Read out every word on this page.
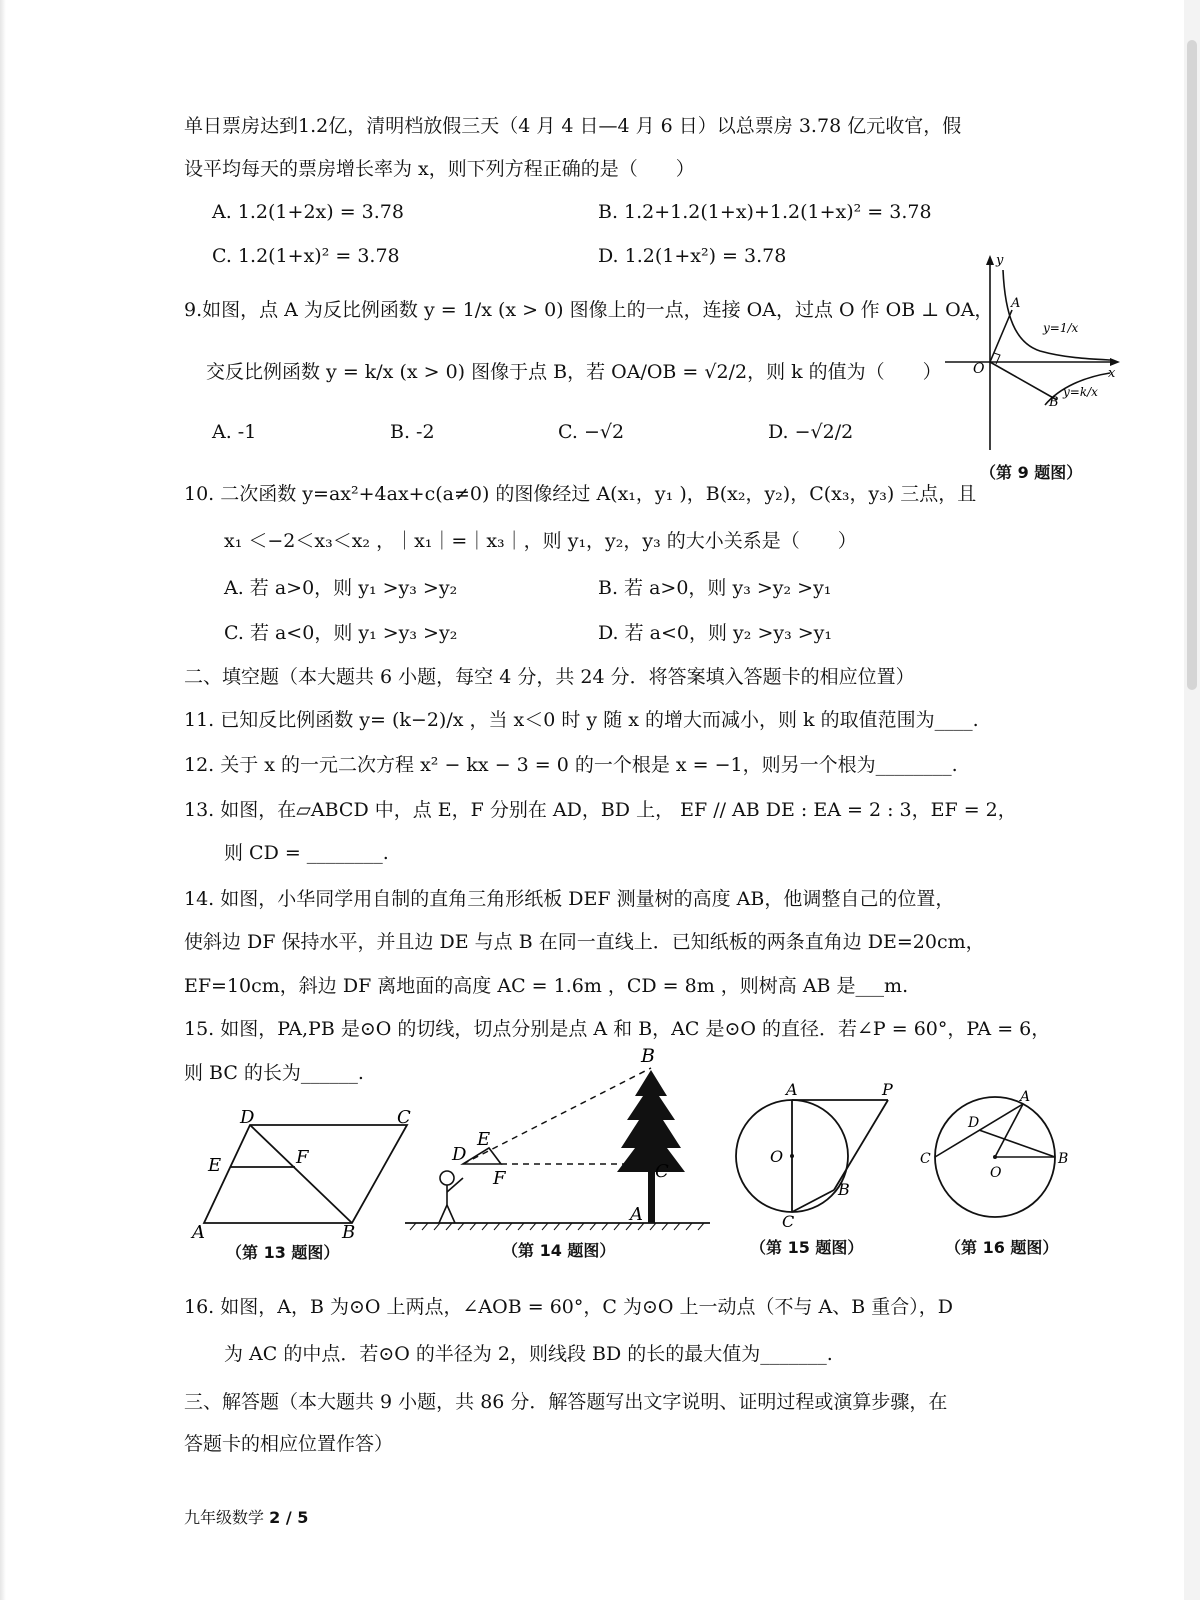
单日票房达到1.2亿，清明档放假三天（4 月 4 日—4 月 6 日）以总票房 3.78 亿元收官，假
设平均每天的票房增长率为 x，则下列方程正确的是（　　）
A. 1.2(1+2x) = 3.78	B. 1.2+1.2(1+x)+1.2(1+x)² = 3.78
C. 1.2(1+x)² = 3.78	D. 1.2(1+x²) = 3.78
9.如图，点 A 为反比例函数 y = 1/x (x > 0) 图像上的一点，连接 OA，过点 O 作 OB ⊥ OA，
交反比例函数 y = k/x (x > 0) 图像于点 B，若 OA/OB = √2/2，则 k 的值为（　　）
A. -1	B. -2	C. −√2	D. −√2/2
y
x
O
A
B
y=1/x
y=k/x
（第 9 题图）
10. 二次函数 y=ax²+4ax+c(a≠0) 的图像经过 A(x₁，y₁ )，B(x₂，y₂)，C(x₃，y₃) 三点，且
x₁ ＜−2＜x₃＜x₂ ，｜x₁｜=｜x₃｜，则 y₁，y₂，y₃ 的大小关系是（　　）
A. 若 a>0，则 y₁ >y₃ >y₂	B. 若 a>0，则 y₃ >y₂ >y₁
C. 若 a<0，则 y₁ >y₃ >y₂	D. 若 a<0，则 y₂ >y₃ >y₁
二、填空题（本大题共 6 小题，每空 4 分，共 24 分．将答案填入答题卡的相应位置）
11. 已知反比例函数 y= (k−2)/x ，当 x＜0 时 y 随 x 的增大而减小，则 k 的取值范围为____.
12. 关于 x 的一元二次方程 x² − kx − 3 = 0 的一个根是 x = −1，则另一个根为________.
13. 如图，在▱ABCD 中，点 E，F 分别在 AD，BD 上， EF // AB DE : EA = 2 : 3，EF = 2，
则 CD = ________.
14. 如图，小华同学用自制的直角三角形纸板 DEF 测量树的高度 AB，他调整自己的位置，
使斜边 DF 保持水平，并且边 DE 与点 B 在同一直线上．已知纸板的两条直角边 DE=20cm，
EF=10cm，斜边 DF 离地面的高度 AC = 1.6m ，CD = 8m ，则树高 AB 是___m.
15. 如图，PA,PB 是⊙O 的切线，切点分别是点 A 和 B，AC 是⊙O 的直径．若∠P = 60°，PA = 6，
则 BC 的长为______.
D	C
E	F
A	B
（第 13 题图）
B
C
A
D
E
F
（第 14 题图）
A	P
O
B
C
（第 15 题图）
A
B
C
D
O
（第 16 题图）
16. 如图，A，B 为⊙O 上两点，∠AOB = 60°，C 为⊙O 上一动点（不与 A、B 重合），D
为 AC 的中点．若⊙O 的半径为 2，则线段 BD 的长的最大值为_______.
三、解答题（本大题共 9 小题，共 86 分．解答题写出文字说明、证明过程或演算步骤，在
答题卡的相应位置作答）
九年级数学 2 / 5
